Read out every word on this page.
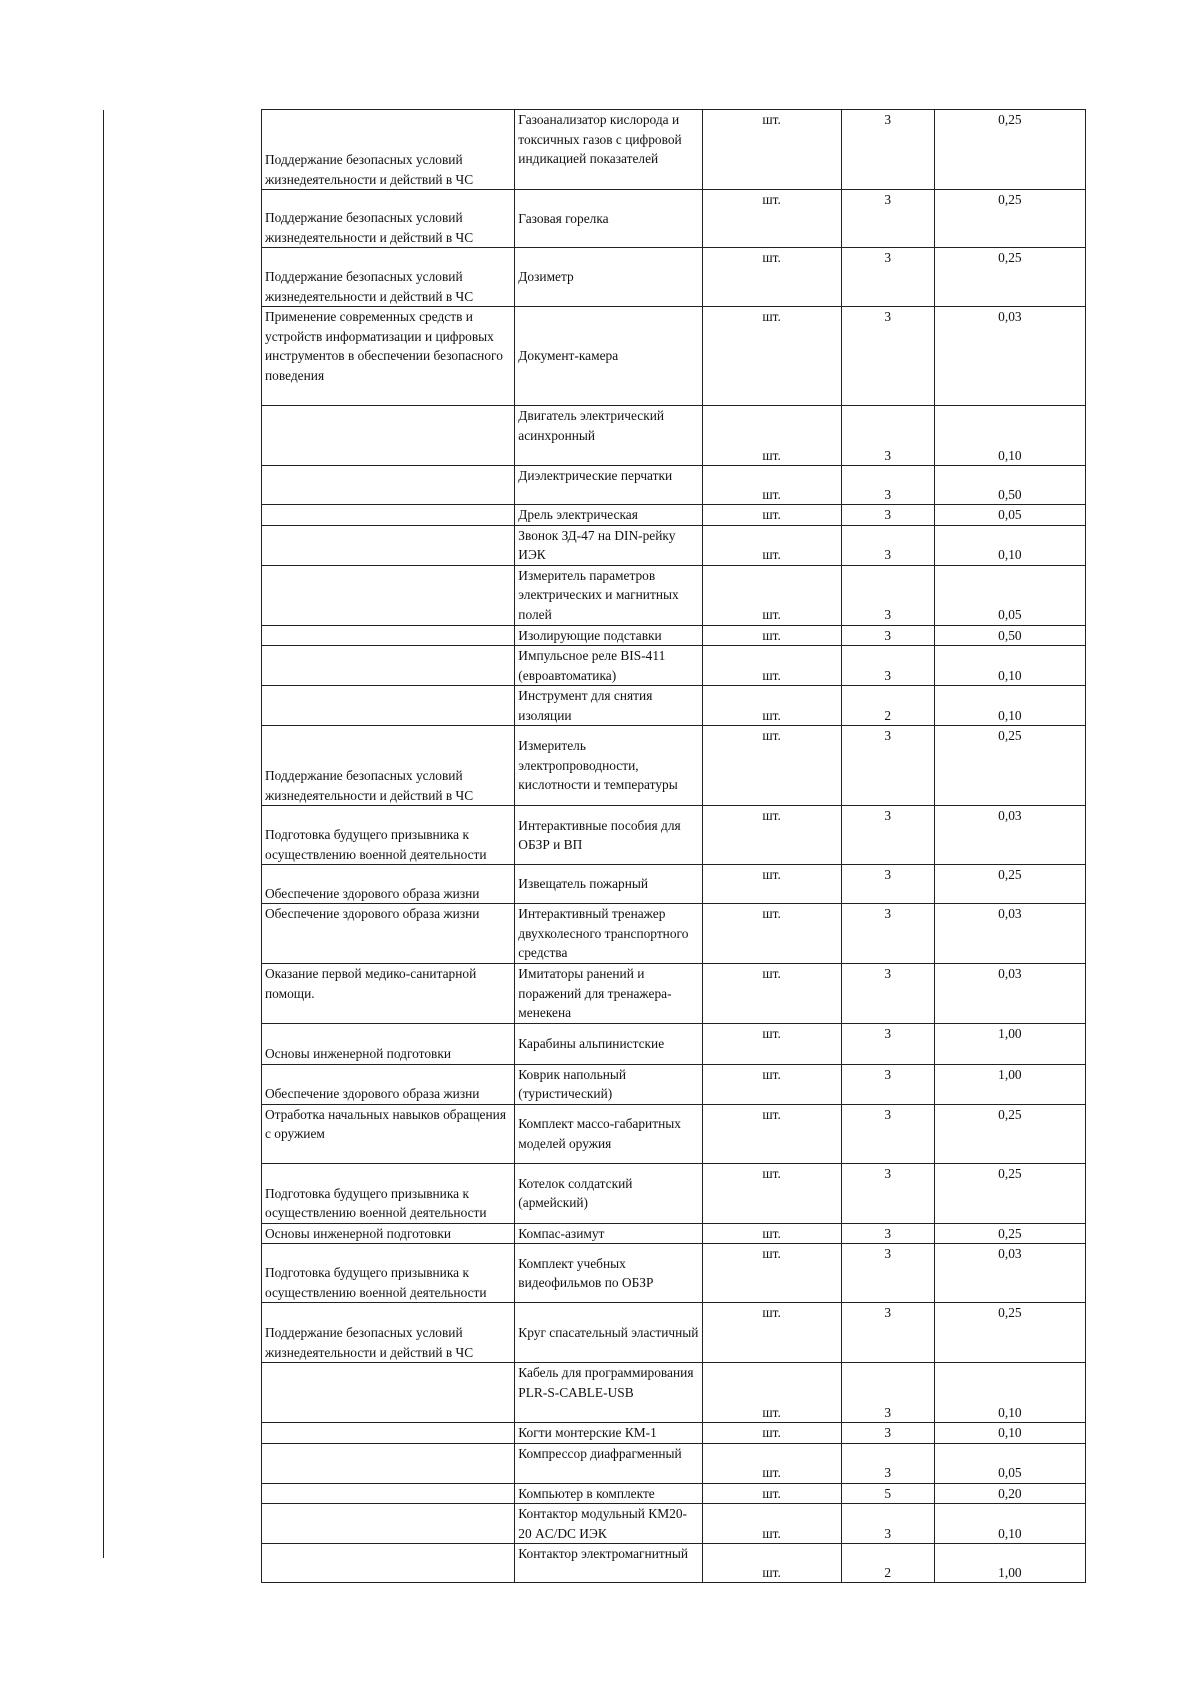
Поддержание безопасных условий жизнедеятельности и действий в ЧС	Газоанализатор кислорода и токсичных газов с цифровой индикацией показателей	шт.	3	0,25
Поддержание безопасных условий жизнедеятельности и действий в ЧС	Газовая горелка	шт.	3	0,25
Поддержание безопасных условий жизнедеятельности и действий в ЧС	Дозиметр	шт.	3	0,25
Применение современных средств и устройств информатизации и цифровых инструментов в обеспечении безопасного поведения	Документ-камера	шт.	3	0,03
	Двигатель электрический асинхронный	шт.	3	0,10
	Диэлектрические перчатки	шт.	3	0,50
	Дрель электрическая	шт.	3	0,05
	Звонок ЗД-47 на DIN-рейку ИЭК	шт.	3	0,10
	Измеритель параметров электрических и магнитных полей	шт.	3	0,05
	Изолирующие подставки	шт.	3	0,50
	Импульсное реле BIS-411 (евроавтоматика)	шт.	3	0,10
	Инструмент для снятия изоляции	шт.	2	0,10
Поддержание безопасных условий жизнедеятельности и действий в ЧС	Измеритель электропроводности, кислотности и температуры	шт.	3	0,25
Подготовка будущего призывника к осуществлению военной деятельности	Интерактивные пособия для ОБЗР и ВП	шт.	3	0,03
Обеспечение здорового образа жизни	Извещатель пожарный	шт.	3	0,25
Обеспечение здорового образа жизни	Интерактивный тренажер двухколесного транспортного средства	шт.	3	0,03
Оказание первой медико-санитарной помощи.	Имитаторы ранений и поражений для тренажера-менекена	шт.	3	0,03
Основы инженерной подготовки	Карабины альпинистские	шт.	3	1,00
Обеспечение здорового образа жизни	Коврик напольный (туристический)	шт.	3	1,00
Отработка начальных навыков обращения с оружием	Комплект массо-габаритных моделей оружия	шт.	3	0,25
Подготовка будущего призывника к осуществлению военной деятельности	Котелок солдатский (армейский)	шт.	3	0,25
Основы инженерной подготовки	Компас-азимут	шт.	3	0,25
Подготовка будущего призывника к осуществлению военной деятельности	Комплект учебных видеофильмов по ОБЗР	шт.	3	0,03
Поддержание безопасных условий жизнедеятельности и действий в ЧС	Круг спасательный эластичный	шт.	3	0,25
	Кабель для программирования PLR-S-CABLE-USB	шт.	3	0,10
	Когти монтерские КМ-1	шт.	3	0,10
	Компрессор диафрагменный	шт.	3	0,05
	Компьютер в комплекте	шт.	5	0,20
	Контактор модульный КМ20-20 AC/DC ИЭК	шт.	3	0,10
	Контактор электромагнитный	шт.	2	1,00
